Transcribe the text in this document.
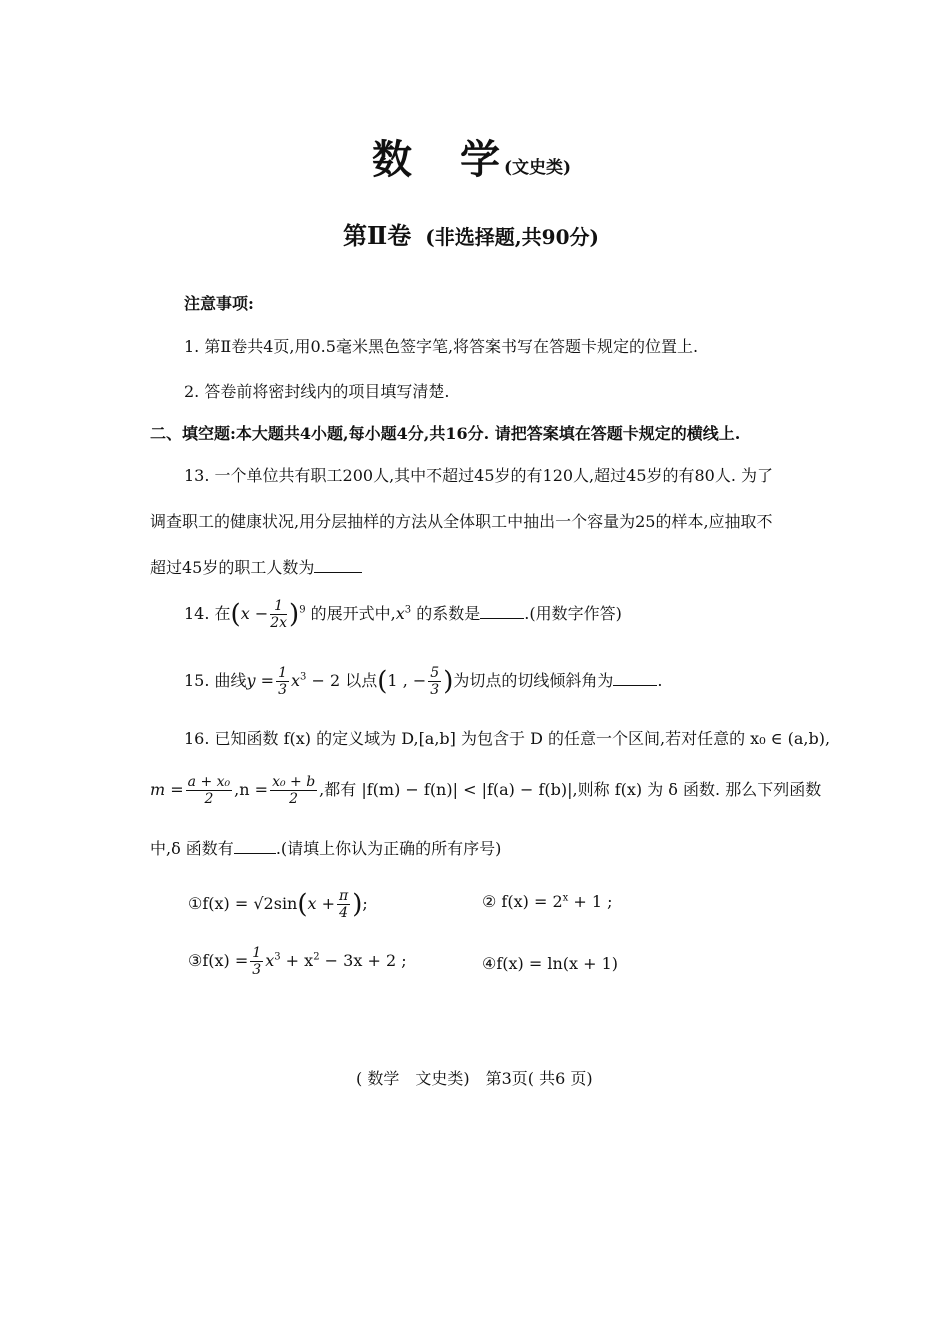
数 学 (文史类)
第Ⅱ卷 (非选择题,共90分)
注意事项:
1. 第Ⅱ卷共4页,用0.5毫米黑色签字笔,将答案书写在答题卡规定的位置上.
2. 答卷前将密封线内的项目填写清楚.
二、填空题:本大题共4小题,每小题4分,共16分. 请把答案填在答题卡规定的横线上.
13. 一个单位共有职工200人,其中不超过45岁的有120人,超过45岁的有80人. 为了
调查职工的健康状况,用分层抽样的方法从全体职工中抽出一个容量为25的样本,应抽取不
超过45岁的职工人数为
14. 在$(x - \frac{1}{2x} )^9$ 的展开式中$,x^3$ 的系数是	.(用数字作答)
15. 曲线$y = \frac{1}{3} x^3 - 2$ 以点(1 , − $\frac{5}{3}$ )为切点的切线倾斜角为	.
16. 已知函数 f(x) 的定义域为 D,[a,b] 为包含于 D 的任意一个区间,若对任意的 x₀ ∈ (a,b),
$m = \frac{\text{a + x₀}}{2} ,n = \frac{\text{x₀ + b}}{2}$ ,都有 |f(m) − f(n)| < |f(a) − f(b)|,则称 f(x) 为 δ 函数. 那么下列函数
中,δ 函数有	.(请填上你认为正确的所有序号)
①f(x) = $√2\sin(x + \frac{\pi}{4}$ );	② $f(x) = 2^x + 1$ ;
③f(x) = $\frac{1}{3} x^3 + x^2 - 3x + 2$ ;	④f(x) = ln(x + 1)
( 数学　文史类)　第3页( 共6 页)
